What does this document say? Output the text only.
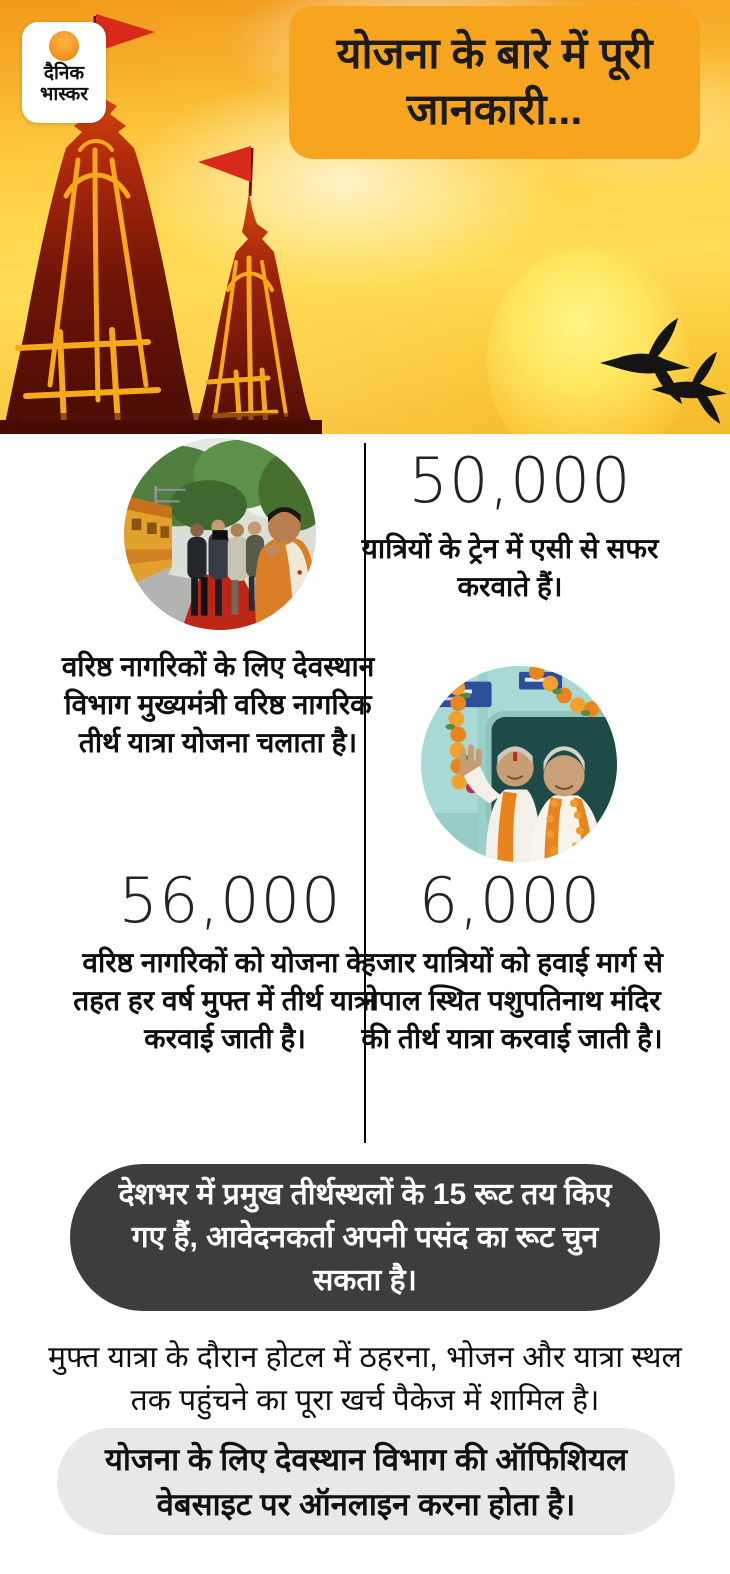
दैनिक
भास्कर
योजना के बारे में पूरी जानकारी...
वरिष्ठ नागरिकों के लिए देवस्थान विभाग मुख्यमंत्री वरिष्ठ नागरिक तीर्थ यात्रा योजना चलाता है।
50,000
यात्रियों के ट्रेन में एसी से सफर करवाते हैं।
56,000
वरिष्ठ नागरिकों को योजना के तहत हर वर्ष मुफ्त में तीर्थ यात्रा करवाई जाती है।
6,000
हजार यात्रियों को हवाई मार्ग से नेपाल स्थित पशुपतिनाथ मंदिर की तीर्थ यात्रा करवाई जाती है।
देशभर में प्रमुख तीर्थस्थलों के 15 रूट तय किए गए हैं, आवेदनकर्ता अपनी पसंद का रूट चुन सकता है।
मुफ्त यात्रा के दौरान होटल में ठहरना, भोजन और यात्रा स्थल तक पहुंचने का पूरा खर्च पैकेज में शामिल है।
योजना के लिए देवस्थान विभाग की ऑफिशियल वेबसाइट पर ऑनलाइन करना होता है।
